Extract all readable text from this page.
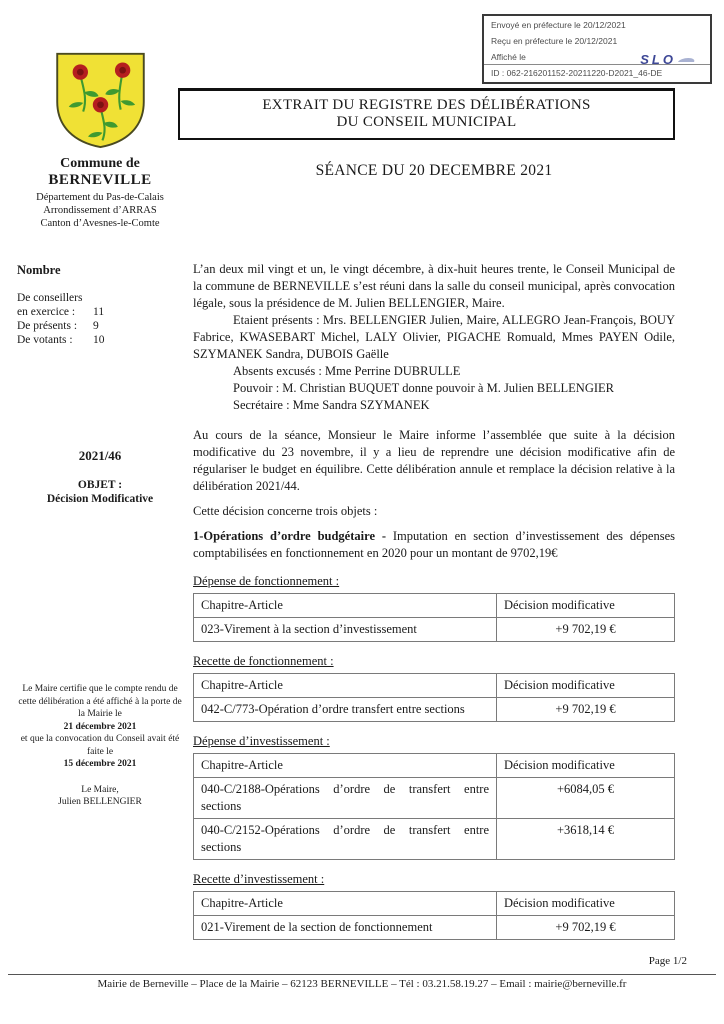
Envoyé en préfecture le 20/12/2021
Reçu en préfecture le 20/12/2021
Affiché le
ID : 062-216201152-20211220-D2021_46-DE
SLO
Commune de
BERNEVILLE
Département du Pas-de-Calais
Arrondissement d’ARRAS
Canton d’Avesnes-le-Comte
EXTRAIT DU REGISTRE DES DÉLIBÉRATIONS
DU CONSEIL MUNICIPAL
SÉANCE DU 20 DECEMBRE 2021
Nombre
De conseillers
en exercice :	11
De présents :	9
De votants :	10
2021/46
OBJET :
Décision Modificative
Le Maire certifie que le compte rendu de cette délibération a été affiché à la porte de la Mairie le
21 décembre 2021
et que la convocation du Conseil avait été faite le
15 décembre 2021
Le Maire,
Julien BELLENGIER

L’an deux mil vingt et un, le vingt décembre, à dix-huit heures trente, le Conseil Municipal de la commune de BERNEVILLE s’est réuni dans la salle du conseil municipal, après convocation légale, sous la présidence de M. Julien BELLENGIER, Maire.

Etaient présents : Mrs. BELLENGIER Julien, Maire, ALLEGRO Jean-François, BOUY Fabrice, KWASEBART Michel, LALY Olivier, PIGACHE Romuald, Mmes PAYEN Odile, SZYMANEK Sandra, DUBOIS Gaëlle

Absents excusés : Mme Perrine DUBRULLE

Pouvoir : M. Christian BUQUET donne pouvoir à M. Julien BELLENGIER

Secrétaire : Mme Sandra SZYMANEK

Au cours de la séance, Monsieur le Maire informe l’assemblée que suite à la décision modificative du 23 novembre, il y a lieu de reprendre une décision modificative afin de régulariser le budget en équilibre. Cette délibération annule et remplace la décision relative à la délibération 2021/44.

Cette décision concerne trois objets :

1-Opérations d’ordre budgétaire - Imputation en section d’investissement des dépenses comptabilisées en fonctionnement en 2020 pour un montant de 9702,19€

Dépense de fonctionnement :
Chapitre-Article	Décision modificative
023-Virement à la section d’investissement	+9 702,19 €
Recette de fonctionnement :
Chapitre-Article	Décision modificative
042-C/773-Opération d’ordre transfert entre sections	+9 702,19 €
Dépense d’investissement :
Chapitre-Article	Décision modificative
040-C/2188-Opérations d’ordre de transfert entre sections	+6084,05 €
040-C/2152-Opérations d’ordre de transfert entre sections	+3618,14 €
Recette d’investissement :
Chapitre-Article	Décision modificative
021-Virement de la section de fonctionnement	+9 702,19 €
Page 1/2
Mairie de Berneville – Place de la Mairie – 62123 BERNEVILLE – Tél : 03.21.58.19.27 – Email : mairie@berneville.fr
